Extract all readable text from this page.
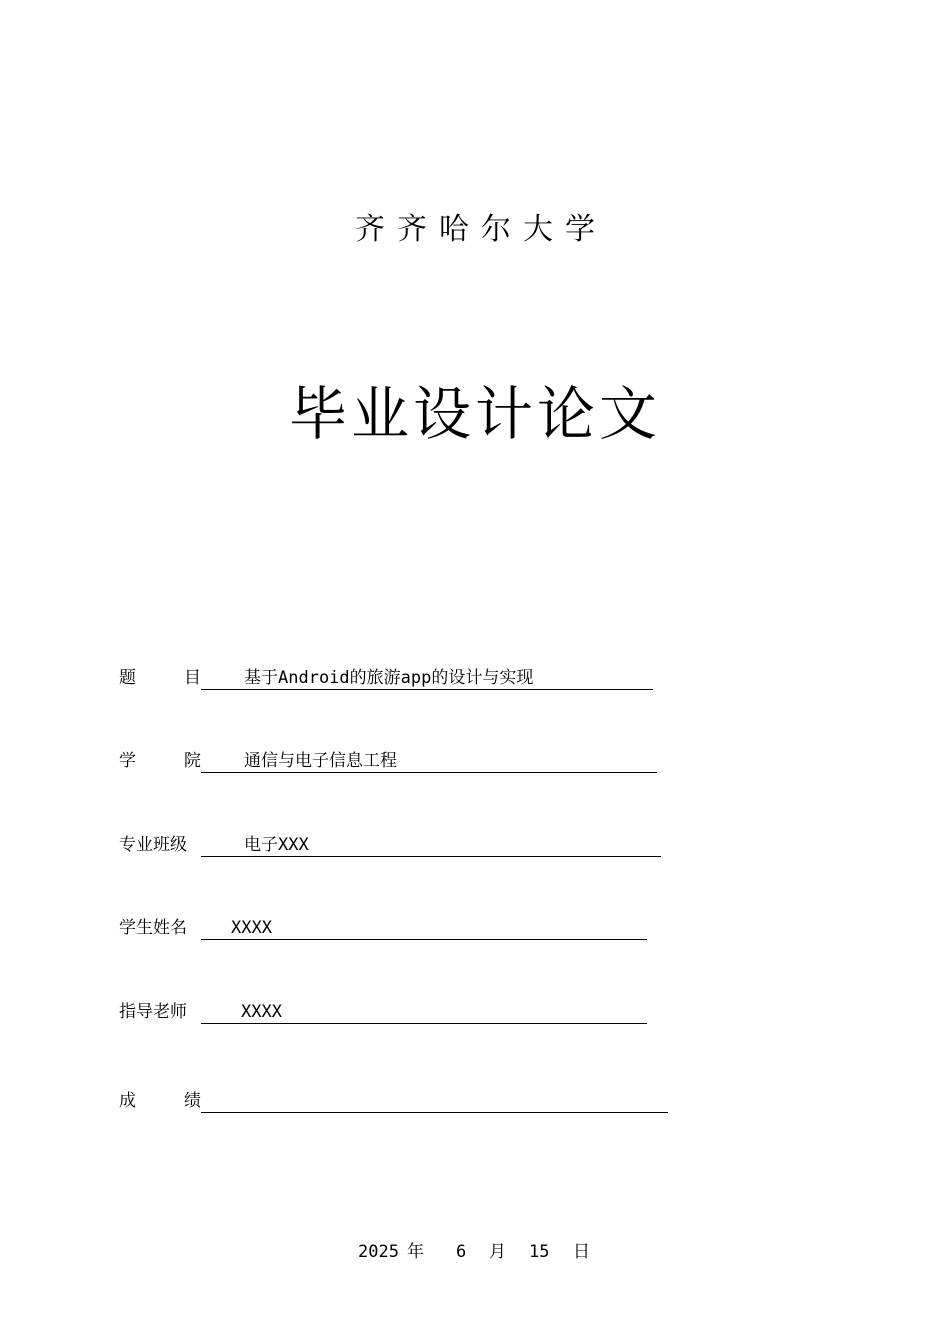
齐齐哈尔大学
毕业设计论文
题	目	基于Android的旅游app的设计与实现
学	院	通信与电子信息工程
专业班级	电子XXX
学生姓名	XXXX
指导老师	XXXX
成	绩
2025 年 6 月 15 日
